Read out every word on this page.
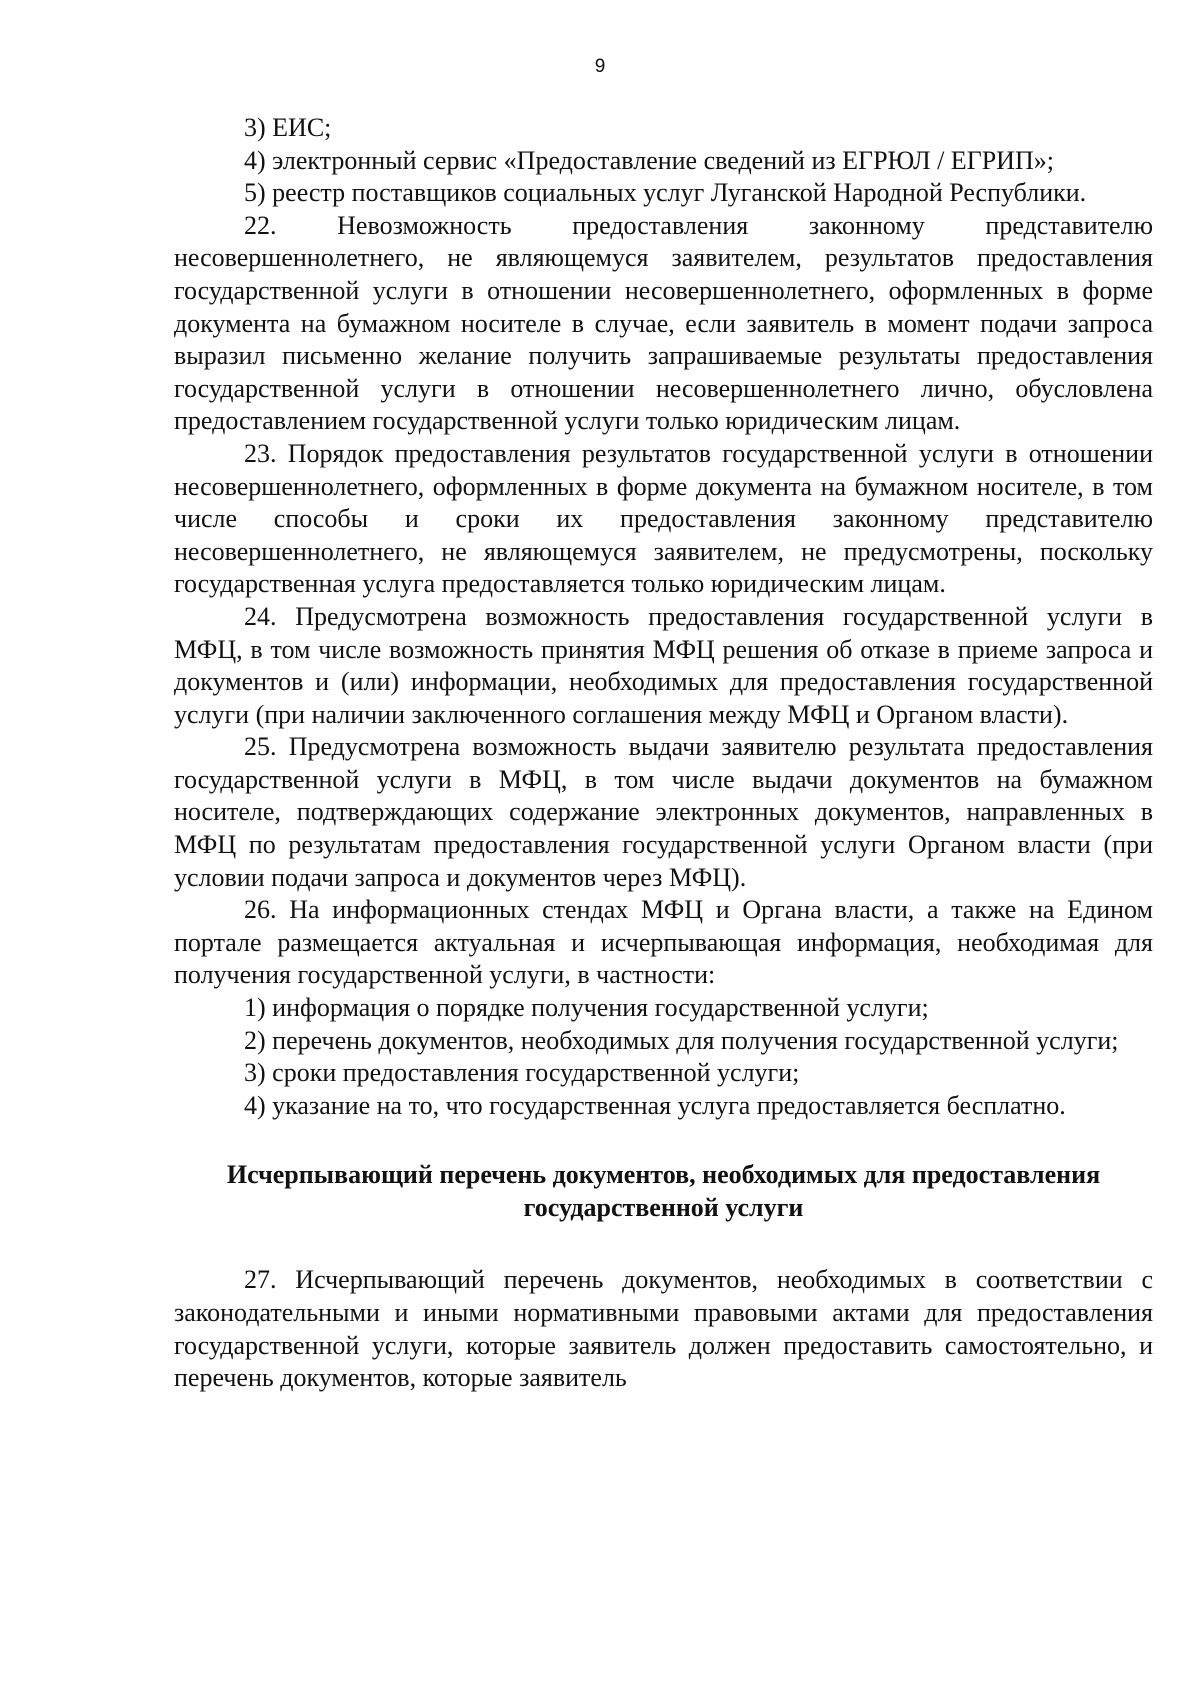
9

3) ЕИС;

4) электронный сервис «Предоставление сведений из ЕГРЮЛ / ЕГРИП»;

5) реестр поставщиков социальных услуг Луганской Народной Республики.

22. Невозможность предоставления законному представителю несовершеннолетнего, не являющемуся заявителем, результатов предоставления государственной услуги в отношении несовершеннолетнего, оформленных в форме документа на бумажном носителе в случае, если заявитель в момент подачи запроса выразил письменно желание получить запрашиваемые результаты предоставления государственной услуги в отношении несовершеннолетнего лично, обусловлена предоставлением государственной услуги только юридическим лицам.

23. Порядок предоставления результатов государственной услуги в отношении несовершеннолетнего, оформленных в форме документа на бумажном носителе, в том числе способы и сроки их предоставления законному представителю несовершеннолетнего, не являющемуся заявителем, не предусмотрены, поскольку государственная услуга предоставляется только юридическим лицам.

24. Предусмотрена возможность предоставления государственной услуги в МФЦ, в том числе возможность принятия МФЦ решения об отказе в приеме запроса и документов и (или) информации, необходимых для предоставления государственной услуги (при наличии заключенного соглашения между МФЦ и Органом власти).

25. Предусмотрена возможность выдачи заявителю результата предоставления государственной услуги в МФЦ, в том числе выдачи документов на бумажном носителе, подтверждающих содержание электронных документов, направленных в МФЦ по результатам предоставления государственной услуги Органом власти (при условии подачи запроса и документов через МФЦ).

26. На информационных стендах МФЦ и Органа власти, а также на Едином портале размещается актуальная и исчерпывающая информация, необходимая для получения государственной услуги, в частности:

1) информация о порядке получения государственной услуги;

2) перечень документов, необходимых для получения государственной услуги;

3) сроки предоставления государственной услуги;

4) указание на то, что государственная услуга предоставляется бесплатно.

Исчерпывающий перечень документов, необходимых для предоставления
государственной услуги

27. Исчерпывающий перечень документов, необходимых в соответствии с законодательными и иными нормативными правовыми актами для предоставления государственной услуги, которые заявитель должен предоставить самостоятельно, и перечень документов, которые заявитель
